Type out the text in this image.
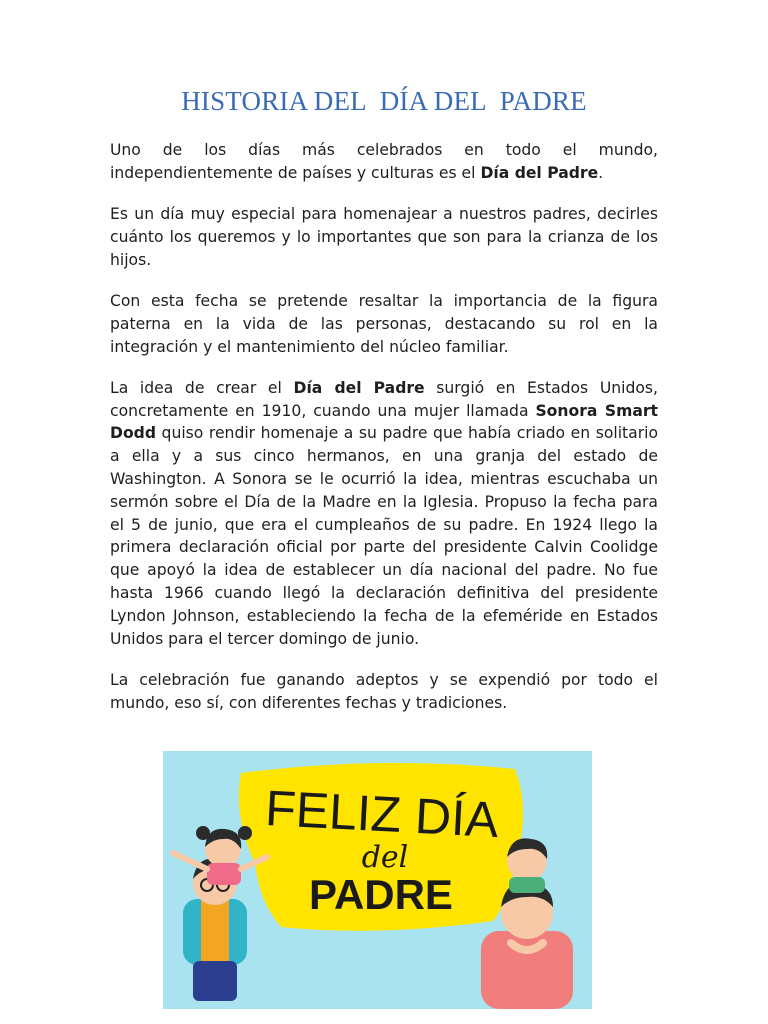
HISTORIA DEL  DÍA DEL  PADRE

Uno de los días más celebrados en todo el mundo, independientemente de países y culturas es el Día del Padre.

Es un día muy especial para homenajear a nuestros padres, decirles cuánto los queremos y lo importantes que son para la crianza de los hijos.

Con esta fecha se pretende resaltar la importancia de la figura paterna en la vida de las personas, destacando su rol en la integración y el mantenimiento del núcleo familiar.

La idea de crear el Día del Padre surgió en Estados Unidos, concretamente en 1910, cuando una mujer llamada Sonora Smart Dodd quiso rendir homenaje a su padre que había criado en solitario a ella y a sus cinco hermanos, en una granja del estado de Washington. A Sonora se le ocurrió la idea, mientras escuchaba un sermón sobre el Día de la Madre en la Iglesia. Propuso la fecha para el 5 de junio, que era el cumpleaños de su padre. En 1924 llego la primera declaración oficial por parte del presidente Calvin Coolidge que apoyó la idea de establecer un día nacional del padre. No fue hasta 1966 cuando llegó la declaración definitiva del presidente Lyndon Johnson, estableciendo la fecha de la efeméride en Estados Unidos para el tercer domingo de junio.

La celebración fue ganando adeptos y se expendió por todo el mundo, eso sí, con diferentes fechas y tradiciones.

FELIZ DÍA
del
PADRE
